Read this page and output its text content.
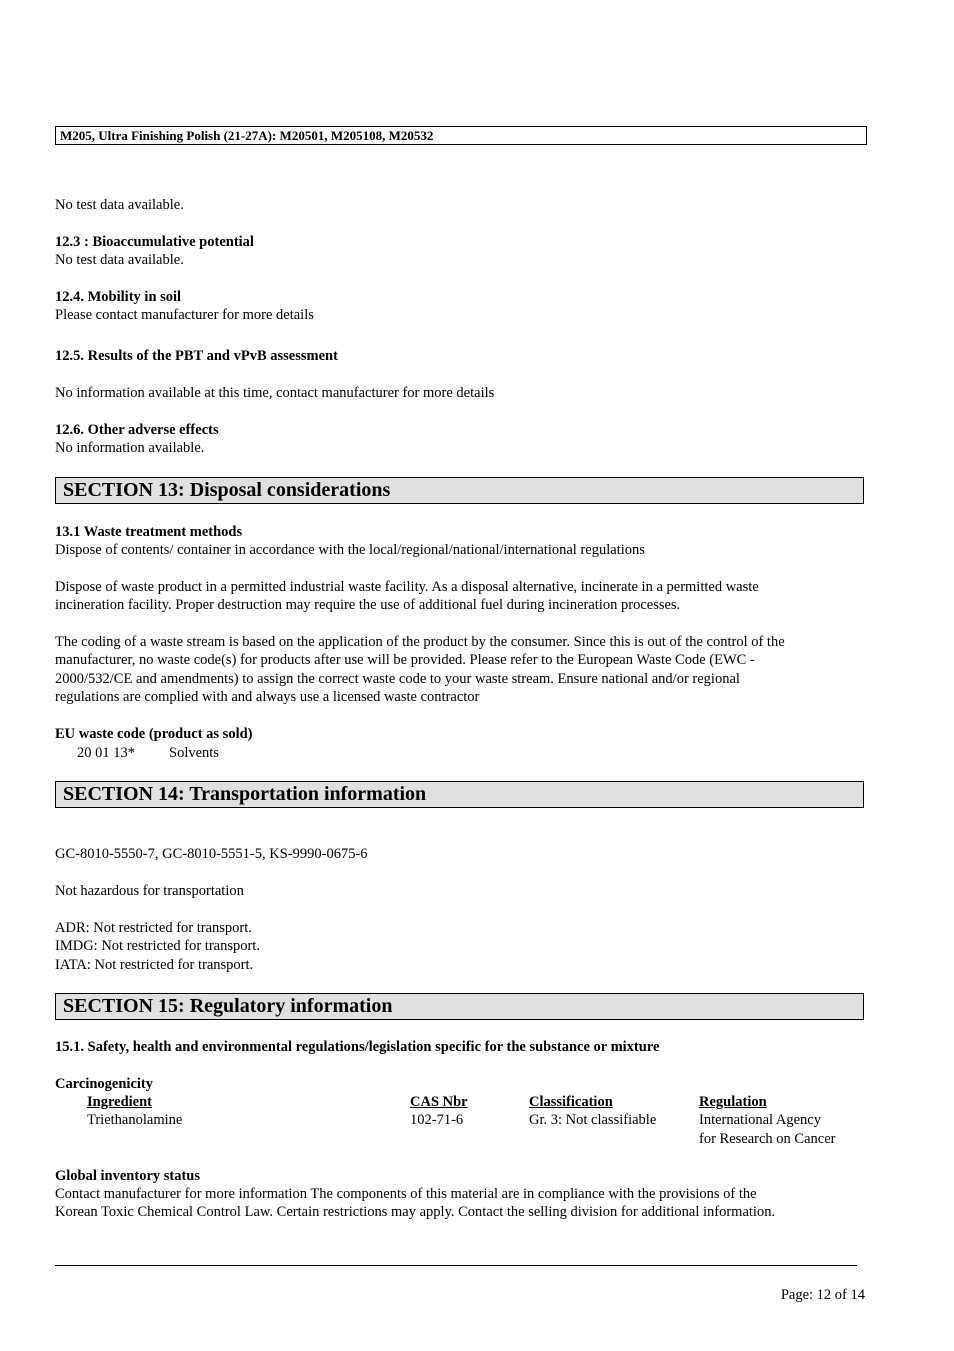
M205, Ultra Finishing Polish (21-27A): M20501, M205108, M20532
No test data available.
12.3 : Bioaccumulative potential
No test data available.
12.4. Mobility in soil
Please contact manufacturer for more details
12.5. Results of the PBT and vPvB assessment
No information available at this time, contact manufacturer for more details
12.6. Other adverse effects
No information available.
SECTION 13: Disposal considerations
13.1 Waste treatment methods
Dispose of contents/ container in accordance with the local/regional/national/international regulations
Dispose of waste product in a permitted industrial waste facility. As a disposal alternative, incinerate in a permitted waste
incineration facility. Proper destruction may require the use of additional fuel during incineration processes.
The coding of a waste stream is based on the application of the product by the consumer. Since this is out of the control of the
manufacturer, no waste code(s) for products after use will be provided. Please refer to the European Waste Code (EWC -
2000/532/CE and amendments) to assign the correct waste code to your waste stream. Ensure national and/or regional
regulations are complied with and always use a licensed waste contractor
EU waste code (product as sold)
20 01 13* Solvents
SECTION 14: Transportation information
GC-8010-5550-7, GC-8010-5551-5, KS-9990-0675-6
Not hazardous for transportation
ADR: Not restricted for transport.
IMDG: Not restricted for transport.
IATA: Not restricted for transport.
SECTION 15: Regulatory information
15.1. Safety, health and environmental regulations/legislation specific for the substance or mixture
Carcinogenicity
Ingredient	CAS Nbr	Classification	Regulation
Triethanolamine	102-71-6	Gr. 3: Not classifiable	International Agency
for Research on Cancer
Global inventory status
Contact manufacturer for more information The components of this material are in compliance with the provisions of the
Korean Toxic Chemical Control Law. Certain restrictions may apply. Contact the selling division for additional information.
Page: 12 of 14
